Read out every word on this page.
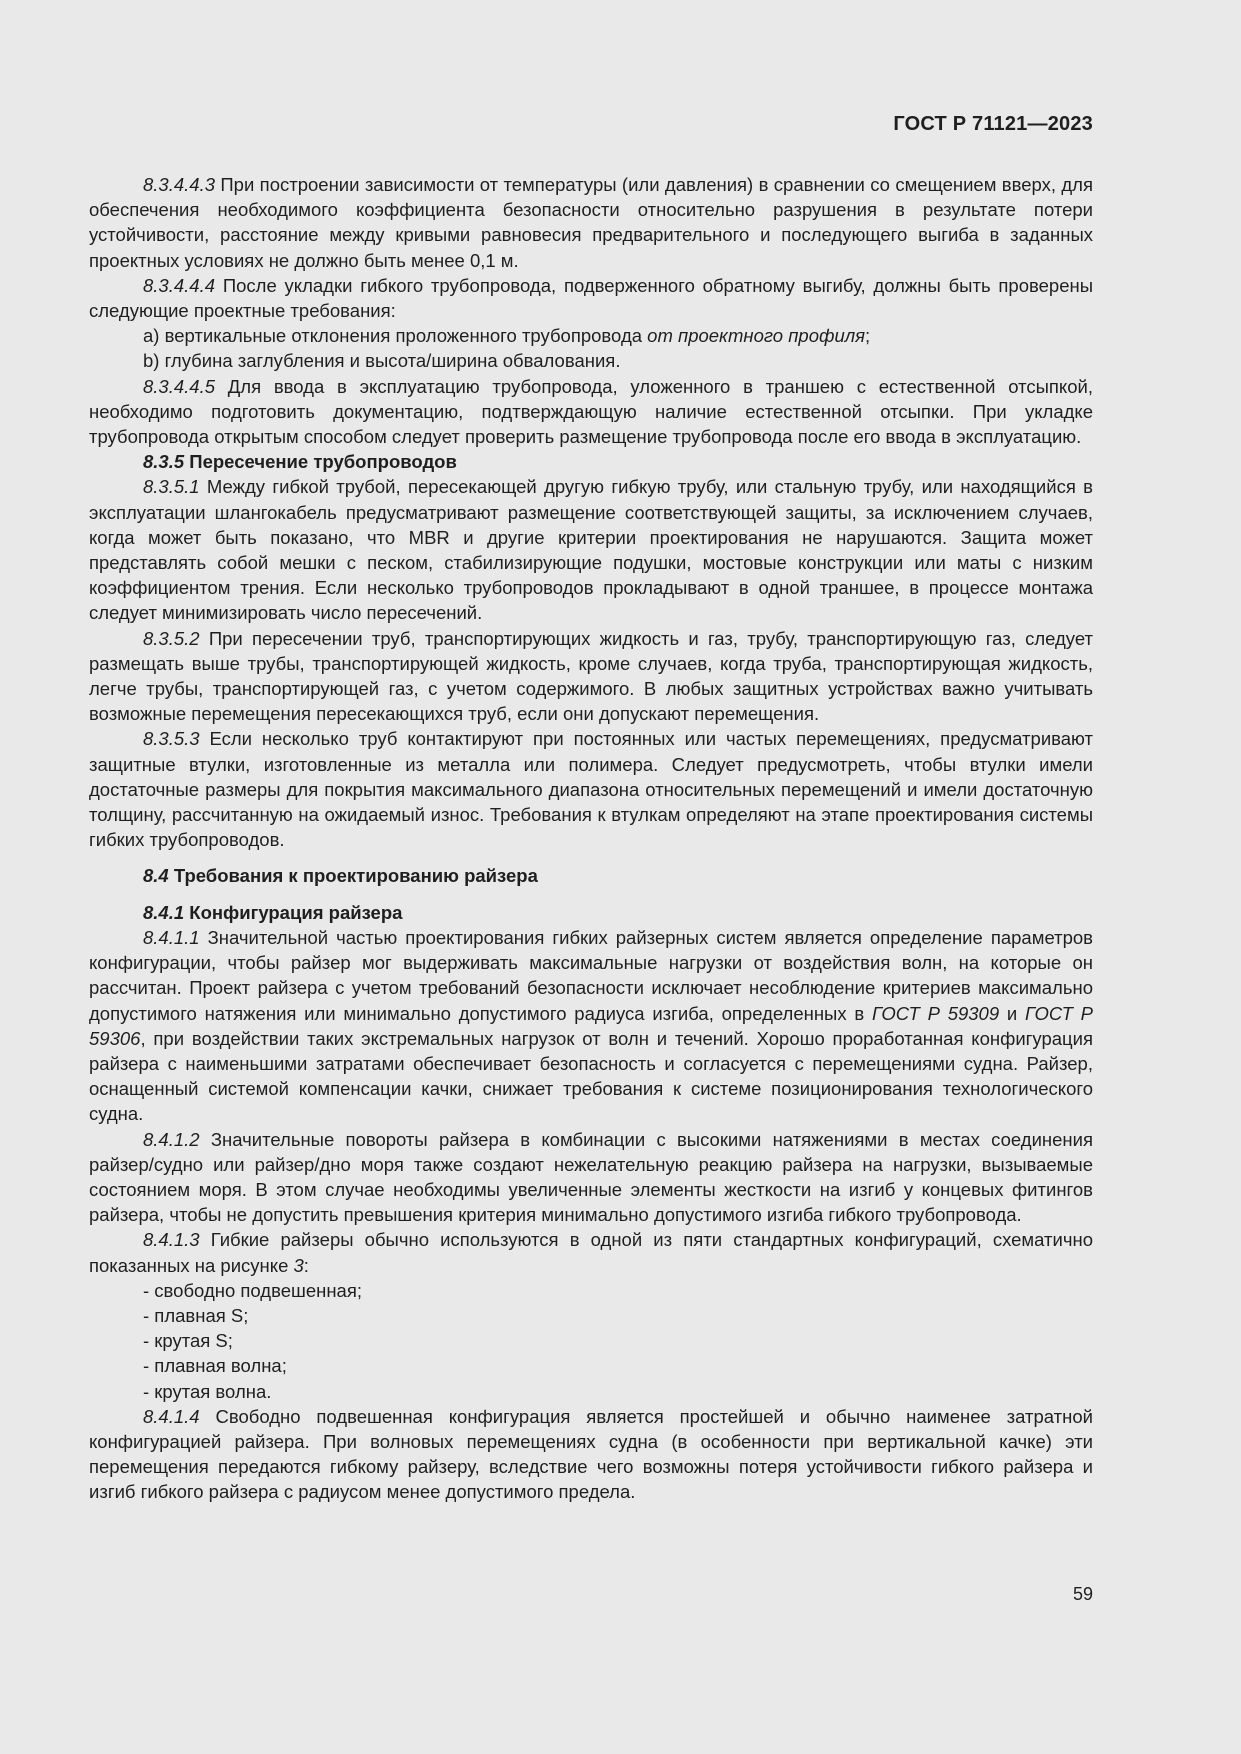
ГОСТ Р 71121—2023

8.3.4.4.3 При построении зависимости от температуры (или давления) в сравнении со смещением вверх, для обеспечения необходимого коэффициента безопасности относительно разрушения в результате потери устойчивости, расстояние между кривыми равновесия предварительного и последующего выгиба в заданных проектных условиях не должно быть менее 0,1 м.

8.3.4.4.4 После укладки гибкого трубопровода, подверженного обратному выгибу, должны быть проверены следующие проектные требования:

а) вертикальные отклонения проложенного трубопровода от проектного профиля;

b) глубина заглубления и высота/ширина обвалования.

8.3.4.4.5 Для ввода в эксплуатацию трубопровода, уложенного в траншею с естественной отсыпкой, необходимо подготовить документацию, подтверждающую наличие естественной отсыпки. При укладке трубопровода открытым способом следует проверить размещение трубопровода после его ввода в эксплуатацию.

8.3.5 Пересечение трубопроводов

8.3.5.1 Между гибкой трубой, пересекающей другую гибкую трубу, или стальную трубу, или находящийся в эксплуатации шлангокабель предусматривают размещение соответствующей защиты, за исключением случаев, когда может быть показано, что MBR и другие критерии проектирования не нарушаются. Защита может представлять собой мешки с песком, стабилизирующие подушки, мостовые конструкции или маты с низким коэффициентом трения. Если несколько трубопроводов прокладывают в одной траншее, в процессе монтажа следует минимизировать число пересечений.

8.3.5.2 При пересечении труб, транспортирующих жидкость и газ, трубу, транспортирующую газ, следует размещать выше трубы, транспортирующей жидкость, кроме случаев, когда труба, транспортирующая жидкость, легче трубы, транспортирующей газ, с учетом содержимого. В любых защитных устройствах важно учитывать возможные перемещения пересекающихся труб, если они допускают перемещения.

8.3.5.3 Если несколько труб контактируют при постоянных или частых перемещениях, предусматривают защитные втулки, изготовленные из металла или полимера. Следует предусмотреть, чтобы втулки имели достаточные размеры для покрытия максимального диапазона относительных перемещений и имели достаточную толщину, рассчитанную на ожидаемый износ. Требования к втулкам определяют на этапе проектирования системы гибких трубопроводов.

8.4 Требования к проектированию райзера

8.4.1 Конфигурация райзера

8.4.1.1 Значительной частью проектирования гибких райзерных систем является определение параметров конфигурации, чтобы райзер мог выдерживать максимальные нагрузки от воздействия волн, на которые он рассчитан. Проект райзера с учетом требований безопасности исключает несоблюдение критериев максимально допустимого натяжения или минимально допустимого радиуса изгиба, определенных в ГОСТ Р 59309 и ГОСТ Р 59306, при воздействии таких экстремальных нагрузок от волн и течений. Хорошо проработанная конфигурация райзера с наименьшими затратами обеспечивает безопасность и согласуется с перемещениями судна. Райзер, оснащенный системой компенсации качки, снижает требования к системе позиционирования технологического судна.

8.4.1.2 Значительные повороты райзера в комбинации с высокими натяжениями в местах соединения райзер/судно или райзер/дно моря также создают нежелательную реакцию райзера на нагрузки, вызываемые состоянием моря. В этом случае необходимы увеличенные элементы жесткости на изгиб у концевых фитингов райзера, чтобы не допустить превышения критерия минимально допустимого изгиба гибкого трубопровода.

8.4.1.3 Гибкие райзеры обычно используются в одной из пяти стандартных конфигураций, схематично показанных на рисунке 3:

- свободно подвешенная;

- плавная S;

- крутая S;

- плавная волна;

- крутая волна.

8.4.1.4 Свободно подвешенная конфигурация является простейшей и обычно наименее затратной конфигурацией райзера. При волновых перемещениях судна (в особенности при вертикальной качке) эти перемещения передаются гибкому райзеру, вследствие чего возможны потеря устойчивости гибкого райзера и изгиб гибкого райзера с радиусом менее допустимого предела.

59
